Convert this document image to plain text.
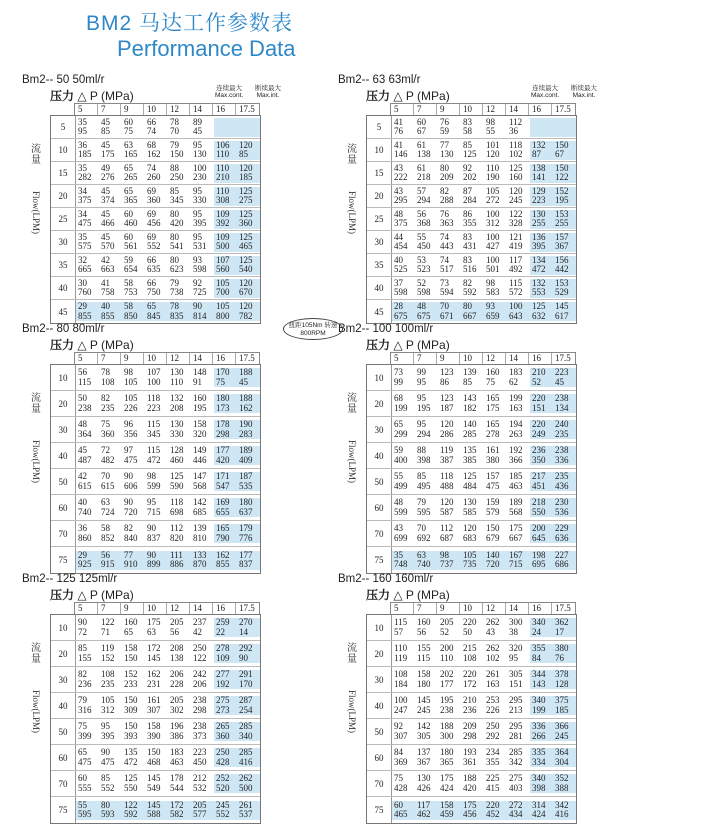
BM2 马达工作参数表
Performance Data
Bm2-- 50 50ml/r
压力 △ P (MPa)
连续最大
Max.cont.
断续最大
Max.int.
5	7	9	10	12	14	16	17.5
5
35	45	60	66	78	89
95	85	75	74	70	45
10
36	45	63	68	79	95	106	120
185	175	165	162	150	130	110	85
15
35	49	65	74	88	100	110	120
282	276	265	260	250	230	210	185
20
34	45	65	69	85	95	110	125
375	374	365	360	345	330	308	275
25
34	45	60	69	80	95	109	125
475	466	460	456	420	395	392	360
30
35	45	60	69	80	95	109	125
575	570	561	552	541	531	500	465
35
32	42	59	66	80	93	107	125
665	663	654	635	623	598	560	540
40
30	41	58	66	79	92	105	120
760	758	753	750	738	725	700	670
45
29	40	58	65	78	90	105	120
855	855	850	845	835	814	800	782
流
量
Flow(LPM)
Bm2-- 63 63ml/r
压力 △ P (MPa)
连续最大
Max.cont.
断续最大
Max.int.
5	7	9	10	12	14	16	17.5
5
41	60	76	83	98	112
76	67	59	58	55	36
10
41	61	77	85	101	118	132	150
146	138	130	125	120	102	87	67
15
43	61	80	92	110	125	138	150
222	218	209	202	190	160	141	122
20
43	57	82	87	105	120	129	152
295	294	288	284	272	245	223	195
25
48	56	76	86	100	122	130	153
375	368	363	355	312	328	255	255
30
44	55	74	83	100	121	136	157
454	450	443	431	427	419	395	367
35
40	53	74	83	100	117	134	156
525	523	517	516	501	492	472	442
40
37	52	73	82	98	115	132	153
598	598	594	592	583	572	553	529
45
28	48	70	80	93	100	125	145
675	675	671	667	659	643	632	617
流
量
Flow(LPM)
Bm2-- 80 80ml/r
压力 △ P (MPa)
5	7	9	10	12	14	16	17.5
10
56	78	98	107	130	148	170	188
115	108	105	100	110	91	75	45
20
50	82	105	118	132	160	180	188
238	235	226	223	208	195	173	162
30
48	75	96	115	130	158	178	190
364	360	356	345	330	320	298	283
40
45	72	97	115	128	149	177	189
487	482	475	472	460	446	420	409
50
42	70	90	98	125	147	171	187
615	615	606	599	590	568	547	535
60
40	63	90	95	118	142	169	180
740	724	720	715	698	685	655	637
70
36	58	82	90	112	139	165	179
860	852	840	837	820	810	790	776
75
29	56	77	90	111	133	162	177
925	915	910	899	886	870	855	837
流
量
Flow(LPM)
Bm2-- 100 100ml/r
压力 △ P (MPa)
5	7	9	10	12	14	16	17.5
10
73	99	123	139	160	183	210	223
99	95	86	85	75	62	52	45
20
68	95	123	143	165	199	220	238
199	195	187	182	175	163	151	134
30
65	95	120	140	165	194	220	240
299	294	286	285	278	263	249	235
40
59	88	119	135	161	192	236	238
400	398	387	385	380	366	350	336
50
55	85	118	125	157	185	217	235
499	495	488	484	475	463	451	436
60
48	79	120	130	159	189	218	230
599	595	587	585	579	568	550	536
70
43	70	112	120	150	175	200	229
699	692	687	683	679	667	645	636
75
35	63	98	105	140	167	198	227
748	740	737	735	720	715	695	686
流
量
Flow(LPM)
Bm2-- 125 125ml/r
压力 △ P (MPa)
5	7	9	10	12	14	16	17.5
10
90	122	160	175	205	237	259	270
72	71	65	63	56	42	22	14
20
85	119	158	172	208	250	278	292
155	152	150	145	138	122	109	90
30
82	108	152	162	206	242	277	291
236	235	233	231	228	206	192	170
40
79	105	150	161	205	238	275	287
316	312	309	307	302	298	273	254
50
75	95	150	158	196	238	265	285
399	395	393	390	386	373	360	340
60
65	90	135	150	183	223	250	285
475	475	472	468	463	450	428	416
70
60	85	125	145	178	212	252	262
555	552	550	549	544	532	520	500
75
55	80	122	145	172	205	245	261
595	593	592	588	582	577	552	537
流
量
Flow(LPM)
Bm2-- 160 160ml/r
压力 △ P (MPa)
5	7	9	10	12	14	16	17.5
10
115	160	205	220	262	300	340	362
57	56	52	50	43	38	24	17
20
110	155	200	215	262	320	355	380
119	115	110	108	102	95	84	76
30
108	158	202	220	261	305	344	378
184	180	177	172	163	151	143	128
40
100	145	195	210	253	295	340	375
247	245	238	236	226	213	199	185
50
92	142	188	209	250	295	336	366
307	305	300	298	292	281	266	245
60
84	137	180	193	234	285	335	364
369	367	365	361	355	342	334	304
70
75	130	175	188	225	275	340	352
428	426	424	420	415	403	398	388
75
60	117	158	175	220	272	314	342
465	462	459	456	452	434	424	416
流
量
Flow(LPM)
扭距105Nm 转速800RPM
